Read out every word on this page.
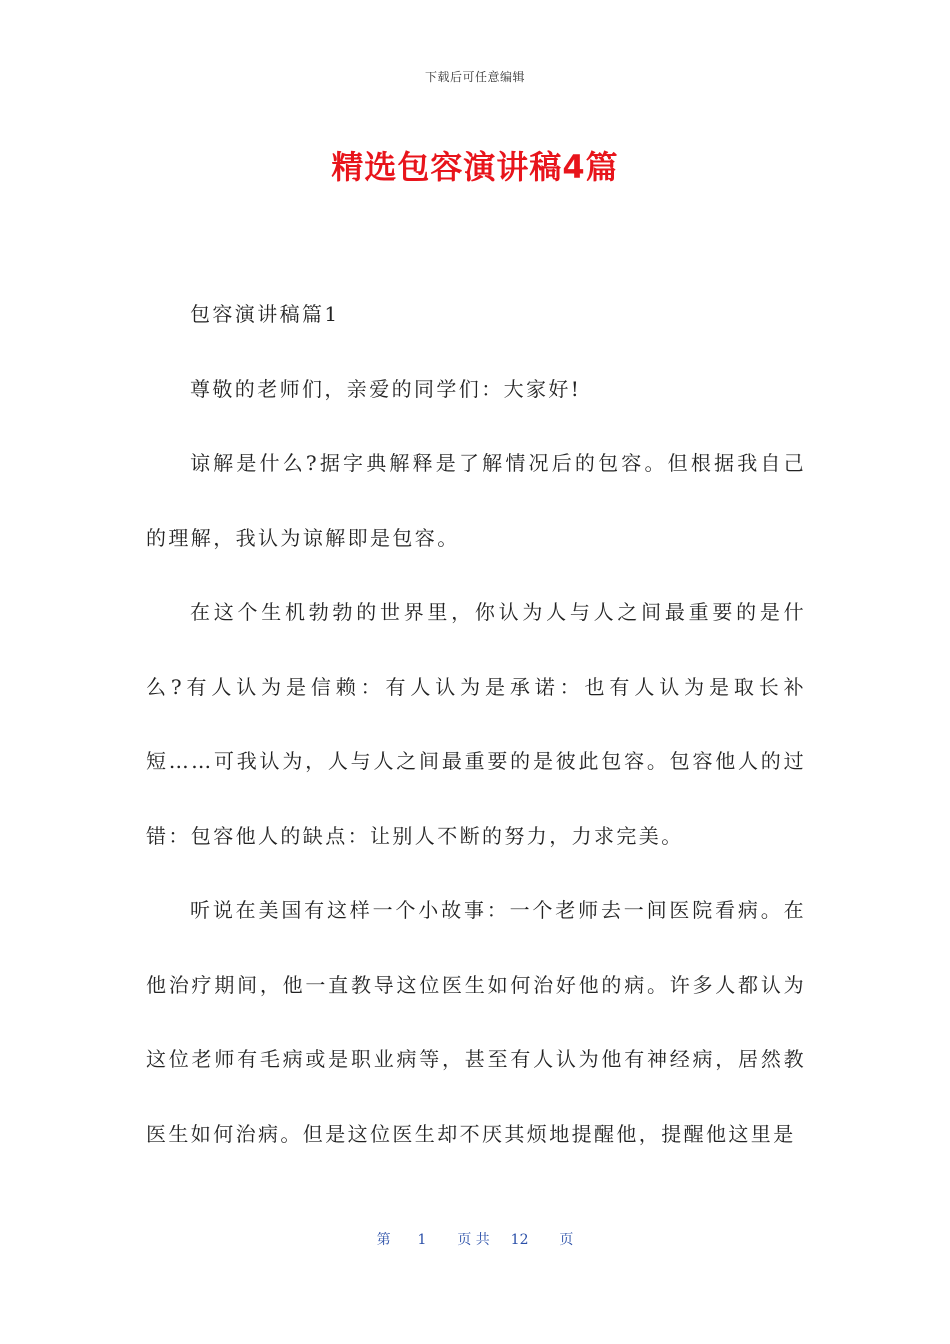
下载后可任意编辑
精选包容演讲稿4篇

包容演讲稿篇1

尊敬的老师们，亲爱的同学们：大家好!

谅解是什么?据字典解释是了解情况后的包容。但根据我自己的理解，我认为谅解即是包容。

在这个生机勃勃的世界里，你认为人与人之间最重要的是什么?有人认为是信赖：有人认为是承诺：也有人认为是取长补短……可我认为，人与人之间最重要的是彼此包容。包容他人的过错：包容他人的缺点：让别人不断的努力，力求完美。

听说在美国有这样一个小故事：一个老师去一间医院看病。在他治疗期间，他一直教导这位医生如何治好他的病。许多人都认为这位老师有毛病或是职业病等，甚至有人认为他有神经病，居然教医生如何治病。但是这位医生却不厌其烦地提醒他，提醒他这里是

第 1 页 共 12 页
